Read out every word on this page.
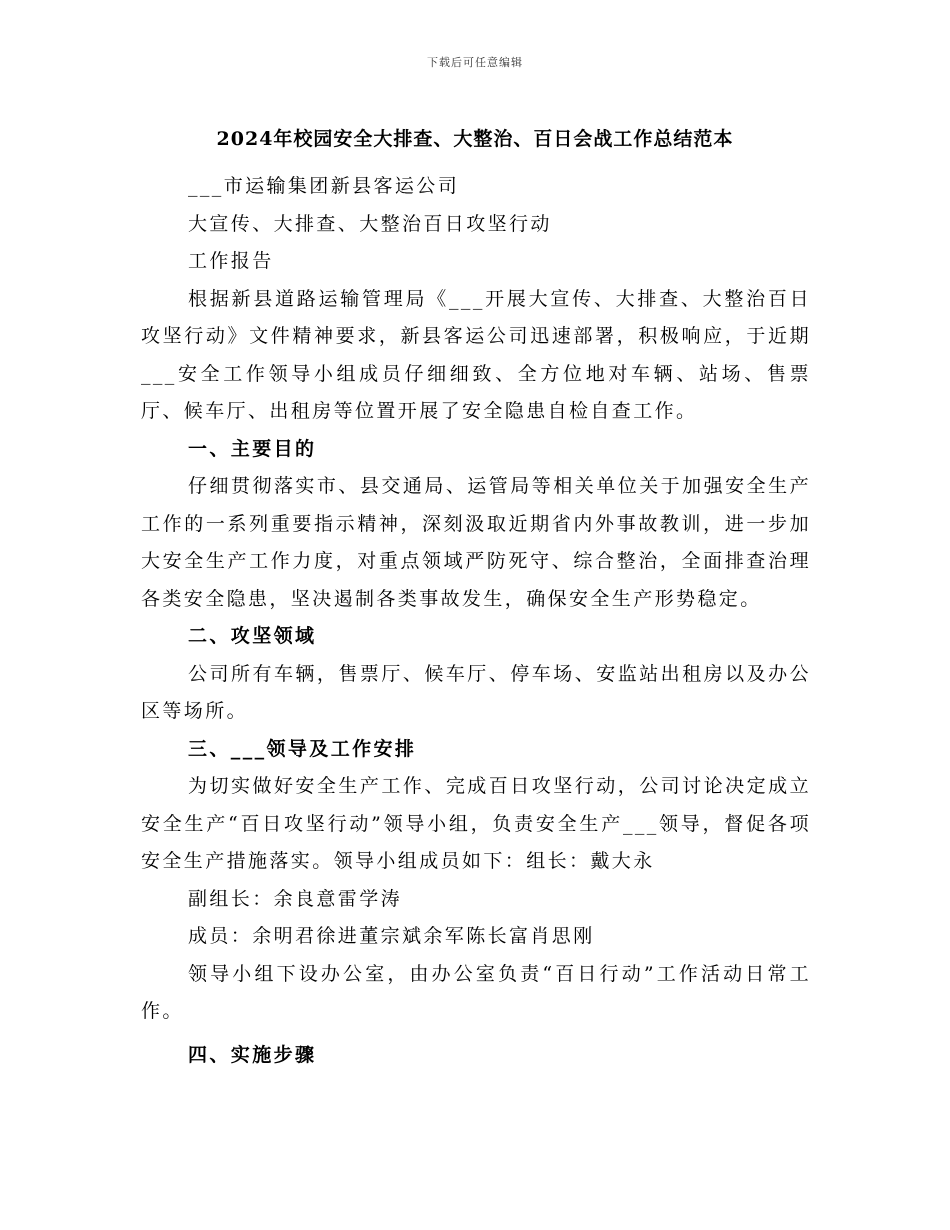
下载后可任意编辑
2024年校园安全大排查、大整治、百日会战工作总结范本

___市运输集团新县客运公司

大宣传、大排查、大整治百日攻坚行动

工作报告

根据新县道路运输管理局《___开展大宣传、大排查、大整治百日攻坚行动》文件精神要求，新县客运公司迅速部署，积极响应，于近期___安全工作领导小组成员仔细细致、全方位地对车辆、站场、售票厅、候车厅、出租房等位置开展了安全隐患自检自查工作。

一、主要目的

仔细贯彻落实市、县交通局、运管局等相关单位关于加强安全生产工作的一系列重要指示精神，深刻汲取近期省内外事故教训，进一步加大安全生产工作力度，对重点领域严防死守、综合整治，全面排查治理各类安全隐患，坚决遏制各类事故发生，确保安全生产形势稳定。

二、攻坚领域

公司所有车辆，售票厅、候车厅、停车场、安监站出租房以及办公区等场所。

三、___领导及工作安排

为切实做好安全生产工作、完成百日攻坚行动，公司讨论决定成立安全生产“百日攻坚行动”领导小组，负责安全生产___领导，督促各项安全生产措施落实。领导小组成员如下：组长：戴大永

副组长：余良意雷学涛

成员：余明君徐进董宗斌余军陈长富肖思刚

领导小组下设办公室，由办公室负责“百日行动”工作活动日常工作。

四、实施步骤
